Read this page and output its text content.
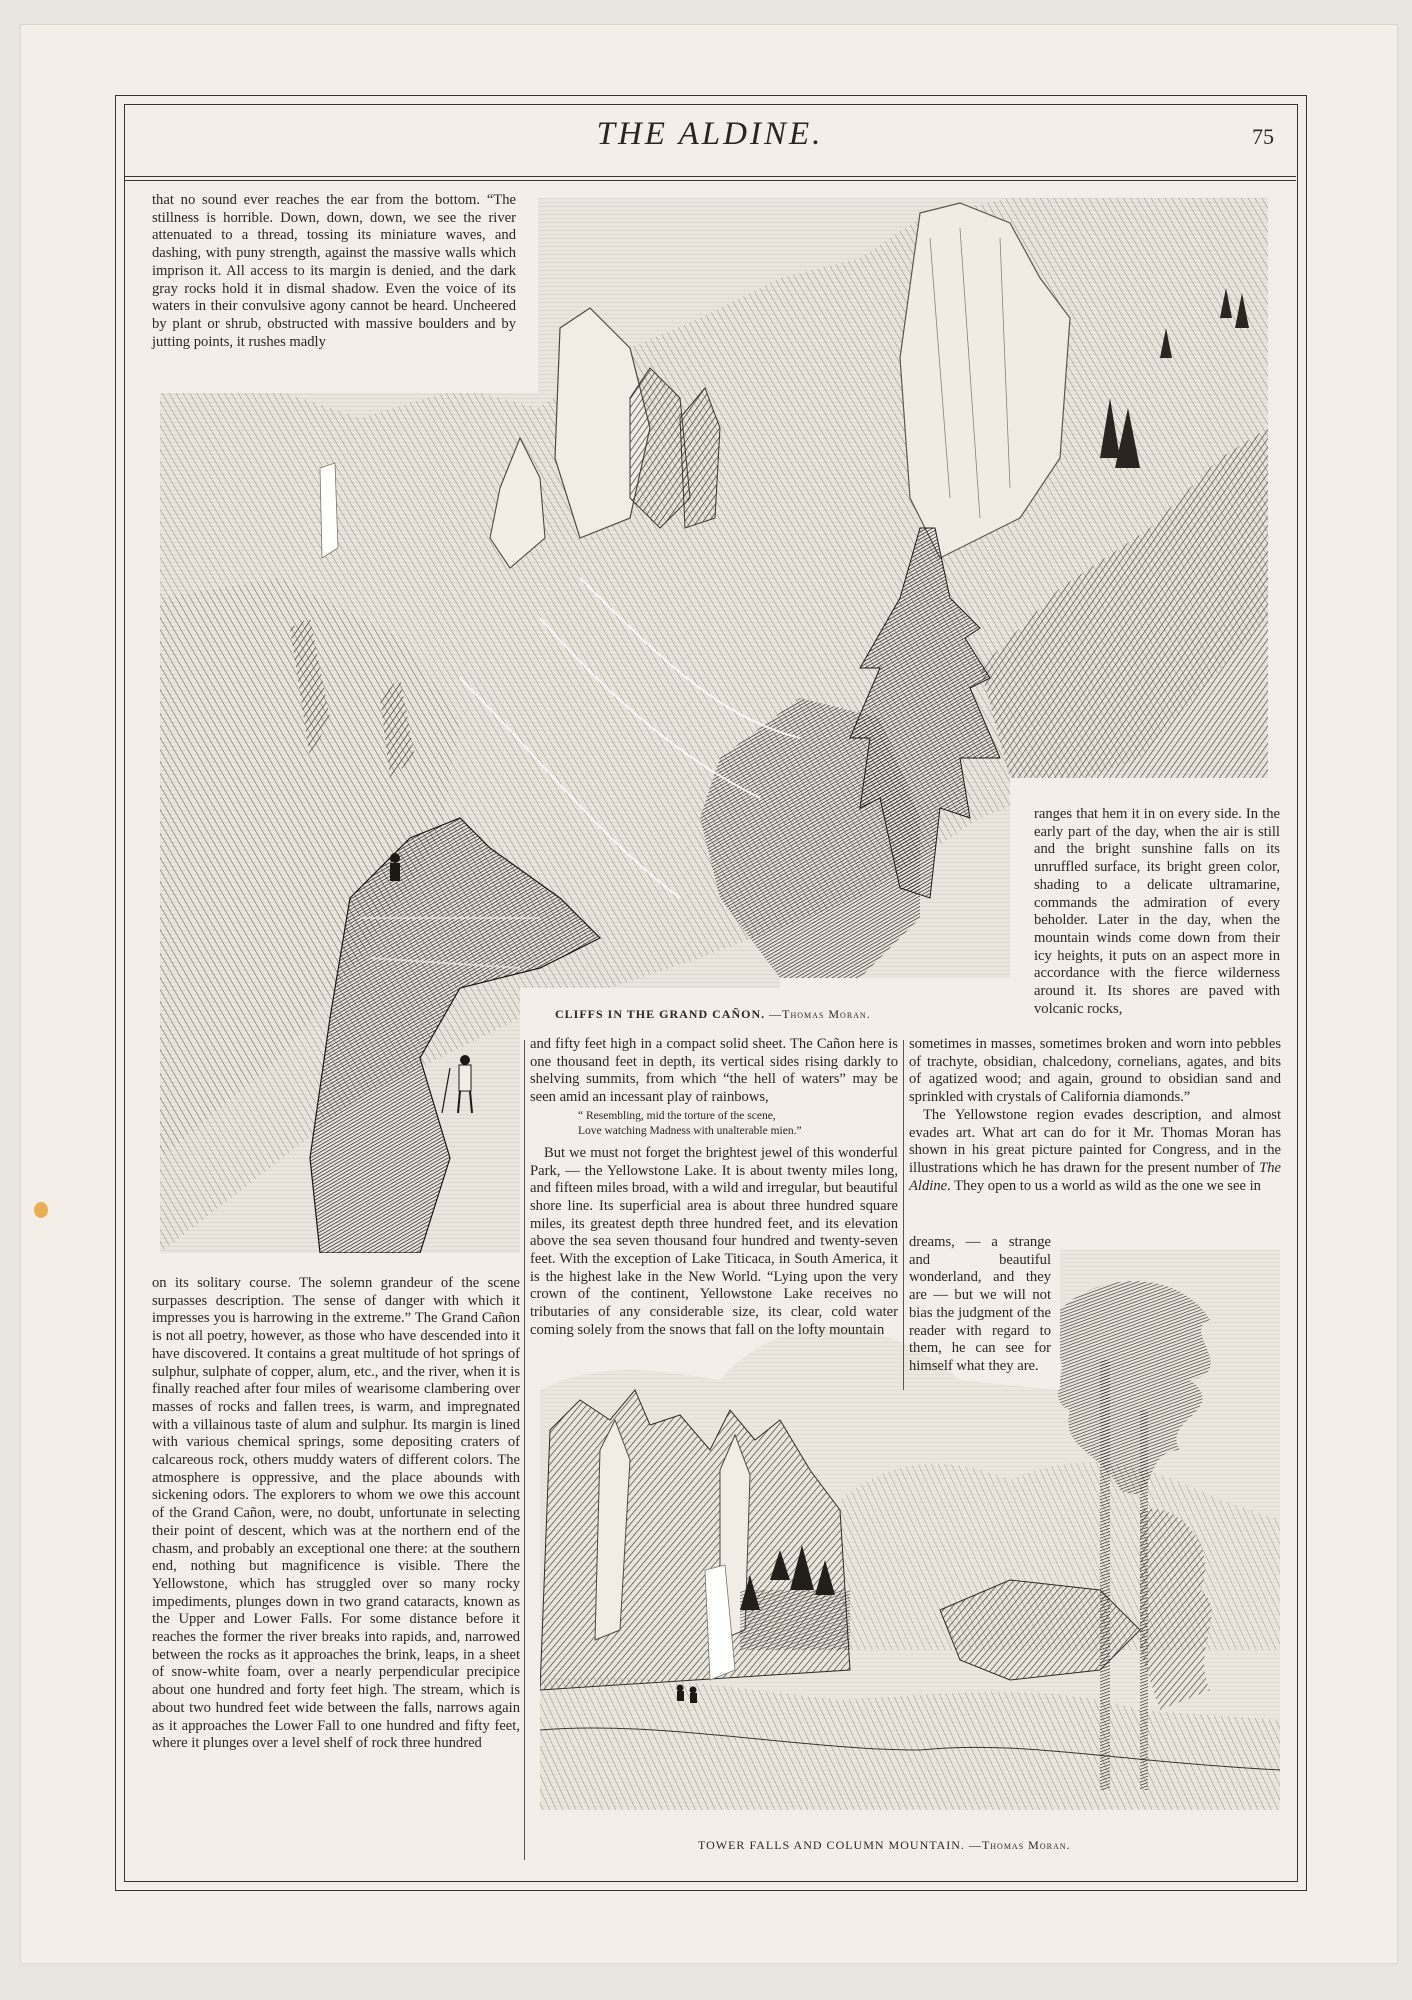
THE ALDINE.	75

that no sound ever reaches the ear from the bottom. “The stillness is horrible. Down, down, down, we see the river attenuated to a thread, tossing its miniature waves, and dashing, with puny strength, against the massive walls which imprison it. All access to its margin is denied, and the dark gray rocks hold it in dismal shadow. Even the voice of its waters in their convulsive agony cannot be heard. Uncheered by plant or shrub, obstructed with massive boulders and by jutting points, it rushes madly

on its solitary course. The solemn grandeur of the scene surpasses description. The sense of danger with which it impresses you is harrowing in the extreme.” The Grand Cañon is not all poetry, however, as those who have descended into it have discovered. It contains a great multitude of hot springs of sulphur, sulphate of copper, alum, etc., and the river, when it is finally reached after four miles of wearisome clambering over masses of rocks and fallen trees, is warm, and impregnated with a villainous taste of alum and sulphur. Its margin is lined with various chemical springs, some depositing craters of calcareous rock, others muddy waters of different colors. The atmosphere is oppressive, and the place abounds with sickening odors. The explorers to whom we owe this account of the Grand Cañon, were, no doubt, unfortunate in selecting their point of descent, which was at the northern end of the chasm, and probably an exceptional one there: at the southern end, nothing but magnificence is visible. There the Yellowstone, which has struggled over so many rocky impediments, plunges down in two grand cataracts, known as the Upper and Lower Falls. For some distance before it reaches the former the river breaks into rapids, and, narrowed between the rocks as it approaches the brink, leaps, in a sheet of snow-white foam, over a nearly perpendicular precipice about one hundred and forty feet high. The stream, which is about two hundred feet wide between the falls, narrows again as it approaches the Lower Fall to one hundred and fifty feet, where it plunges over a level shelf of rock three hundred

CLIFFS IN THE GRAND CAÑON. —Thomas Moran.

and fifty feet high in a compact solid sheet. The Cañon here is one thousand feet in depth, its vertical sides rising darkly to shelving summits, from which “the hell of waters” may be seen amid an incessant play of rainbows,

“ Resembling, mid the torture of the scene,
Love watching Madness with unalterable mien.”

But we must not forget the brightest jewel of this wonderful Park, — the Yellowstone Lake. It is about twenty miles long, and fifteen miles broad, with a wild and irregular, but beautiful shore line. Its superficial area is about three hundred square miles, its greatest depth three hundred feet, and its elevation above the sea seven thousand four hundred and twenty-seven feet. With the exception of Lake Titicaca, in South America, it is the highest lake in the New World. “Lying upon the very crown of the continent, Yellowstone Lake receives no tributaries of any considerable size, its clear, cold water coming solely from the snows that fall on the lofty mountain

ranges that hem it in on every side. In the early part of the day, when the air is still and the bright sunshine falls on its unruffled surface, its bright green color, shading to a delicate ultramarine, commands the admiration of every beholder. Later in the day, when the mountain winds come down from their icy heights, it puts on an aspect more in accordance with the fierce wilderness around it. Its shores are paved with volcanic rocks,

sometimes in masses, sometimes broken and worn into pebbles of trachyte, obsidian, chalcedony, cornelians, agates, and bits of agatized wood; and again, ground to obsidian sand and sprinkled with crystals of California diamonds.”

The Yellowstone region evades description, and almost evades art. What art can do for it Mr. Thomas Moran has shown in his great picture painted for Congress, and in the illustrations which he has drawn for the present number of The Aldine. They open to us a world as wild as the one we see in

dreams, — a strange and beautiful wonderland, and they are — but we will not bias the judgment of the reader with regard to them, he can see for himself what they are.

TOWER FALLS AND COLUMN MOUNTAIN. —Thomas Moran.
